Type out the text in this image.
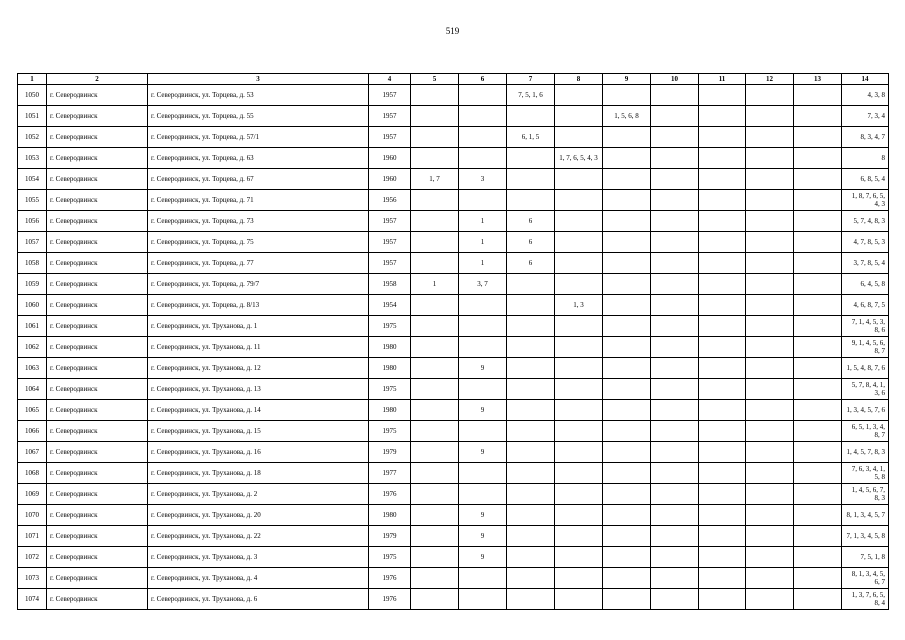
519
1	2	3	4	5	6	7	8	9	10	11	12	13	14
1050	г. Северодвинск	г. Северодвинск, ул. Торцева, д. 53	1957			7, 5, 1, 6							4, 3, 8
1051	г. Северодвинск	г. Северодвинск, ул. Торцева, д. 55	1957					1, 5, 6, 8					7, 3, 4
1052	г. Северодвинск	г. Северодвинск, ул. Торцева, д. 57/1	1957			6, 1, 5							8, 3, 4, 7
1053	г. Северодвинск	г. Северодвинск, ул. Торцева, д. 63	1960				1, 7, 6, 5, 4, 3						8
1054	г. Северодвинск	г. Северодвинск, ул. Торцева, д. 67	1960	1, 7	3								6, 8, 5, 4
1055	г. Северодвинск	г. Северодвинск, ул. Торцева, д. 71	1956										1, 8, 7, 6, 5, 4, 3
1056	г. Северодвинск	г. Северодвинск, ул. Торцева, д. 73	1957		1	6							5, 7, 4, 8, 3
1057	г. Северодвинск	г. Северодвинск, ул. Торцева, д. 75	1957		1	6							4, 7, 8, 5, 3
1058	г. Северодвинск	г. Северодвинск, ул. Торцева, д. 77	1957		1	6							3, 7, 8, 5, 4
1059	г. Северодвинск	г. Северодвинск, ул. Торцева, д. 79/7	1958	1	3, 7								6, 4, 5, 8
1060	г. Северодвинск	г. Северодвинск, ул. Торцева, д. 8/13	1954				1, 3						4, 6, 8, 7, 5
1061	г. Северодвинск	г. Северодвинск, ул. Труханова, д. 1	1975										7, 1, 4, 5, 3, 8, 6
1062	г. Северодвинск	г. Северодвинск, ул. Труханова, д. 11	1980										9, 1, 4, 5, 6, 8, 7
1063	г. Северодвинск	г. Северодвинск, ул. Труханова, д. 12	1980		9								1, 5, 4, 8, 7, 6
1064	г. Северодвинск	г. Северодвинск, ул. Труханова, д. 13	1975										5, 7, 8, 4, 1, 3, 6
1065	г. Северодвинск	г. Северодвинск, ул. Труханова, д. 14	1980		9								1, 3, 4, 5, 7, 6
1066	г. Северодвинск	г. Северодвинск, ул. Труханова, д. 15	1975										6, 5, 1, 3, 4, 8, 7
1067	г. Северодвинск	г. Северодвинск, ул. Труханова, д. 16	1979		9								1, 4, 5, 7, 8, 3
1068	г. Северодвинск	г. Северодвинск, ул. Труханова, д. 18	1977										7, 6, 3, 4, 1, 5, 8
1069	г. Северодвинск	г. Северодвинск, ул. Труханова, д. 2	1976										1, 4, 5, 6, 7, 8, 3
1070	г. Северодвинск	г. Северодвинск, ул. Труханова, д. 20	1980		9								8, 1, 3, 4, 5, 7
1071	г. Северодвинск	г. Северодвинск, ул. Труханова, д. 22	1979		9								7, 1, 3, 4, 5, 8
1072	г. Северодвинск	г. Северодвинск, ул. Труханова, д. 3	1975		9								7, 5, 1, 8
1073	г. Северодвинск	г. Северодвинск, ул. Труханова, д. 4	1976										8, 1, 3, 4, 5, 6, 7
1074	г. Северодвинск	г. Северодвинск, ул. Труханова, д. 6	1976										1, 3, 7, 6, 5, 8, 4
